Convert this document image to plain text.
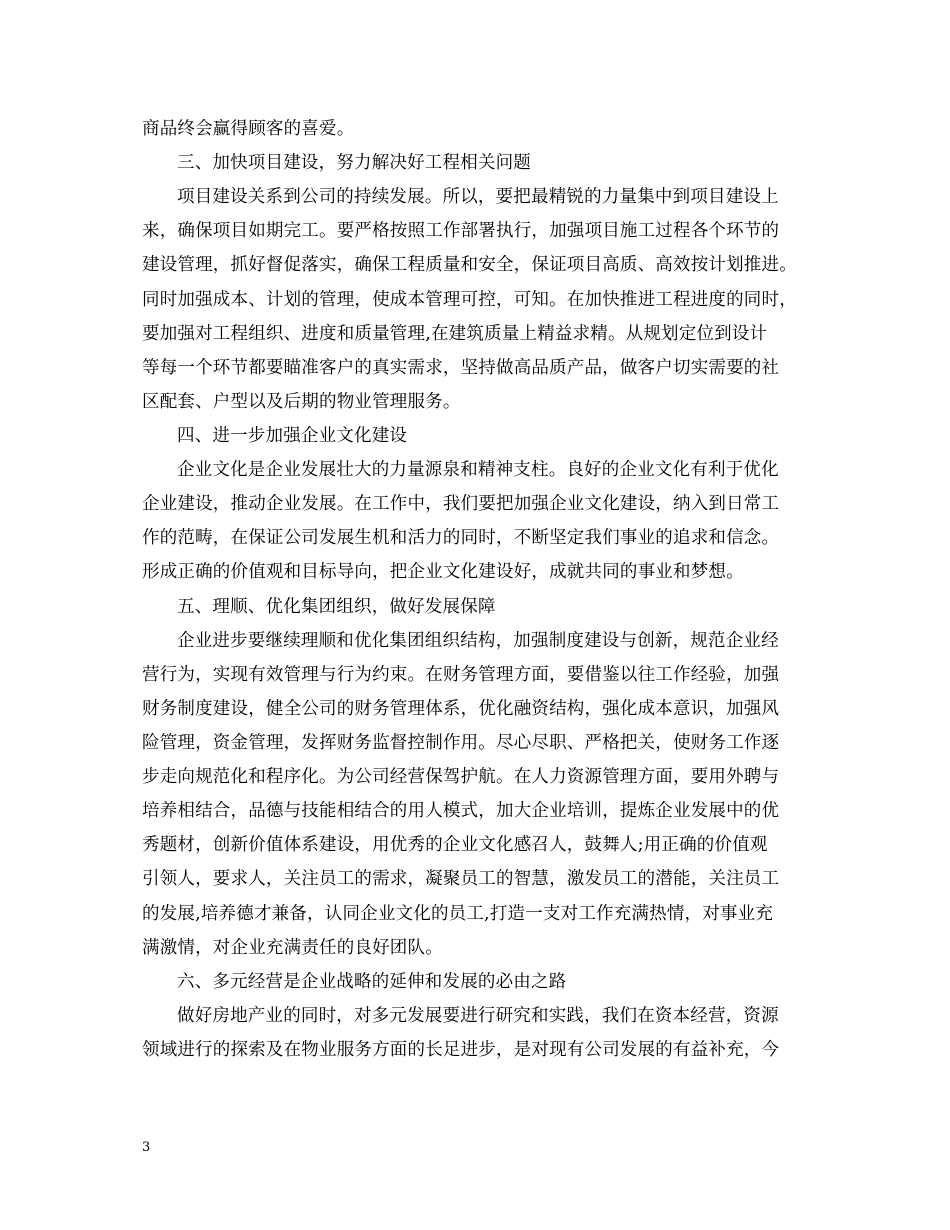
商品终会赢得顾客的喜爱。
三、加快项目建设，努力解决好工程相关问题
项目建设关系到公司的持续发展。所以，要把最精锐的力量集中到项目建设上
来，确保项目如期完工。要严格按照工作部署执行，加强项目施工过程各个环节的
建设管理，抓好督促落实，确保工程质量和安全，保证项目高质、高效按计划推进。
同时加强成本、计划的管理，使成本管理可控，可知。在加快推进工程进度的同时，
要加强对工程组织、进度和质量管理,在建筑质量上精益求精。从规划定位到设计
等每一个环节都要瞄准客户的真实需求，坚持做高品质产品，做客户切实需要的社
区配套、户型以及后期的物业管理服务。
四、进一步加强企业文化建设
企业文化是企业发展壮大的力量源泉和精神支柱。良好的企业文化有利于优化
企业建设，推动企业发展。在工作中，我们要把加强企业文化建设，纳入到日常工
作的范畴，在保证公司发展生机和活力的同时，不断坚定我们事业的追求和信念。
形成正确的价值观和目标导向，把企业文化建设好，成就共同的事业和梦想。
五、理顺、优化集团组织，做好发展保障
企业进步要继续理顺和优化集团组织结构，加强制度建设与创新，规范企业经
营行为，实现有效管理与行为约束。在财务管理方面，要借鉴以往工作经验，加强
财务制度建设，健全公司的财务管理体系，优化融资结构，强化成本意识，加强风
险管理，资金管理，发挥财务监督控制作用。尽心尽职、严格把关，使财务工作逐
步走向规范化和程序化。为公司经营保驾护航。在人力资源管理方面，要用外聘与
培养相结合，品德与技能相结合的用人模式，加大企业培训，提炼企业发展中的优
秀题材，创新价值体系建设，用优秀的企业文化感召人，鼓舞人;用正确的价值观
引领人，要求人，关注员工的需求，凝聚员工的智慧，激发员工的潜能，关注员工
的发展,培养德才兼备，认同企业文化的员工,打造一支对工作充满热情，对事业充
满激情，对企业充满责任的良好团队。
六、多元经营是企业战略的延伸和发展的必由之路
做好房地产业的同时，对多元发展要进行研究和实践，我们在资本经营，资源
领域进行的探索及在物业服务方面的长足进步，是对现有公司发展的有益补充，今
3
